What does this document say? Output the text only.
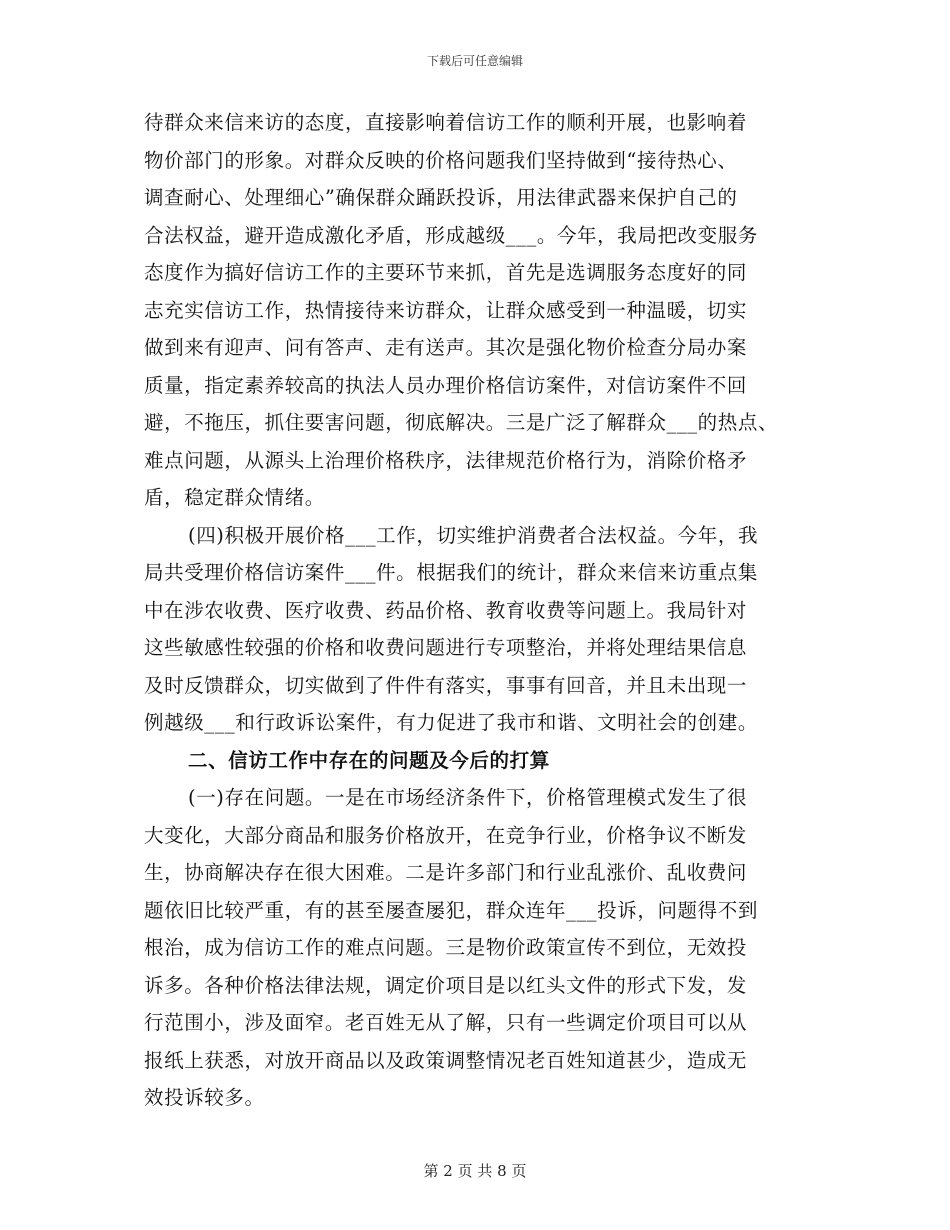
下载后可任意编辑
待群众来信来访的态度，直接影响着信访工作的顺利开展，也影响着
物价部门的形象。对群众反映的价格问题我们坚持做到“接待热心、
调查耐心、处理细心”确保群众踊跃投诉，用法律武器来保护自己的
合法权益，避开造成激化矛盾，形成越级___。今年，我局把改变服务
态度作为搞好信访工作的主要环节来抓，首先是选调服务态度好的同
志充实信访工作，热情接待来访群众，让群众感受到一种温暖，切实
做到来有迎声、问有答声、走有送声。其次是强化物价检查分局办案
质量，指定素养较高的执法人员办理价格信访案件，对信访案件不回
避，不拖压，抓住要害问题，彻底解决。三是广泛了解群众___的热点、
难点问题，从源头上治理价格秩序，法律规范价格行为，消除价格矛
盾，稳定群众情绪。
(四)积极开展价格___工作，切实维护消费者合法权益。今年，我
局共受理价格信访案件___件。根据我们的统计，群众来信来访重点集
中在涉农收费、医疗收费、药品价格、教育收费等问题上。我局针对
这些敏感性较强的价格和收费问题进行专项整治，并将处理结果信息
及时反馈群众，切实做到了件件有落实，事事有回音，并且未出现一
例越级___和行政诉讼案件，有力促进了我市和谐、文明社会的创建。
二、信访工作中存在的问题及今后的打算
(一)存在问题。一是在市场经济条件下，价格管理模式发生了很
大变化，大部分商品和服务价格放开，在竞争行业，价格争议不断发
生，协商解决存在很大困难。二是许多部门和行业乱涨价、乱收费问
题依旧比较严重，有的甚至屡查屡犯，群众连年___投诉，问题得不到
根治，成为信访工作的难点问题。三是物价政策宣传不到位，无效投
诉多。各种价格法律法规，调定价项目是以红头文件的形式下发，发
行范围小，涉及面窄。老百姓无从了解，只有一些调定价项目可以从
报纸上获悉，对放开商品以及政策调整情况老百姓知道甚少，造成无
效投诉较多。
第 2 页 共 8 页
